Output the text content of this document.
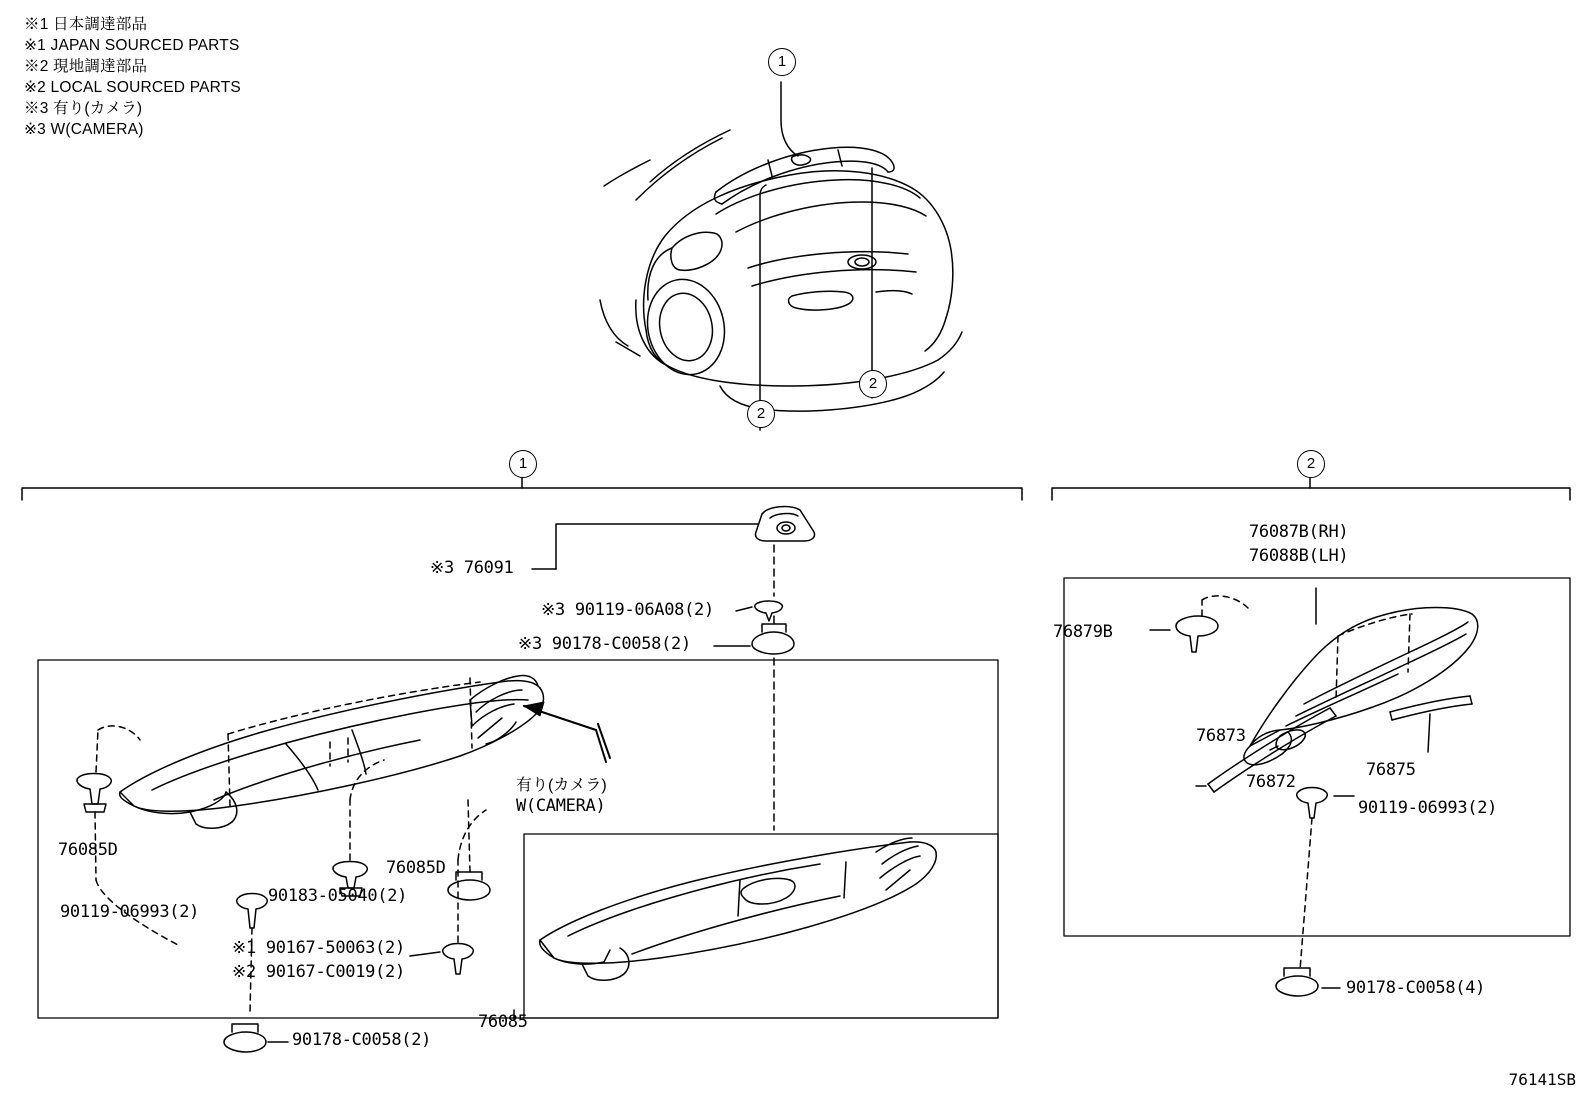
※1 日本調達部品
※1 JAPAN SOURCED PARTS
※2 現地調達部品
※2 LOCAL SOURCED PARTS
※3 有り(カメラ)
※3 W(CAMERA)
1
2
2
1	2
※3 76091
※3 90119-06A08(2)
※3 90178-C0058(2)
有り(カメラ)
W(CAMERA)
76085D
76085D
90119-06993(2)
90183-05040(2)
※1 90167-50063(2)
※2 90167-C0019(2)
90178-C0058(2)
76085
76087B(RH)
76088B(LH)
76879B
76873
76872
76875
90119-06993(2)
90178-C0058(4)
76141SB
